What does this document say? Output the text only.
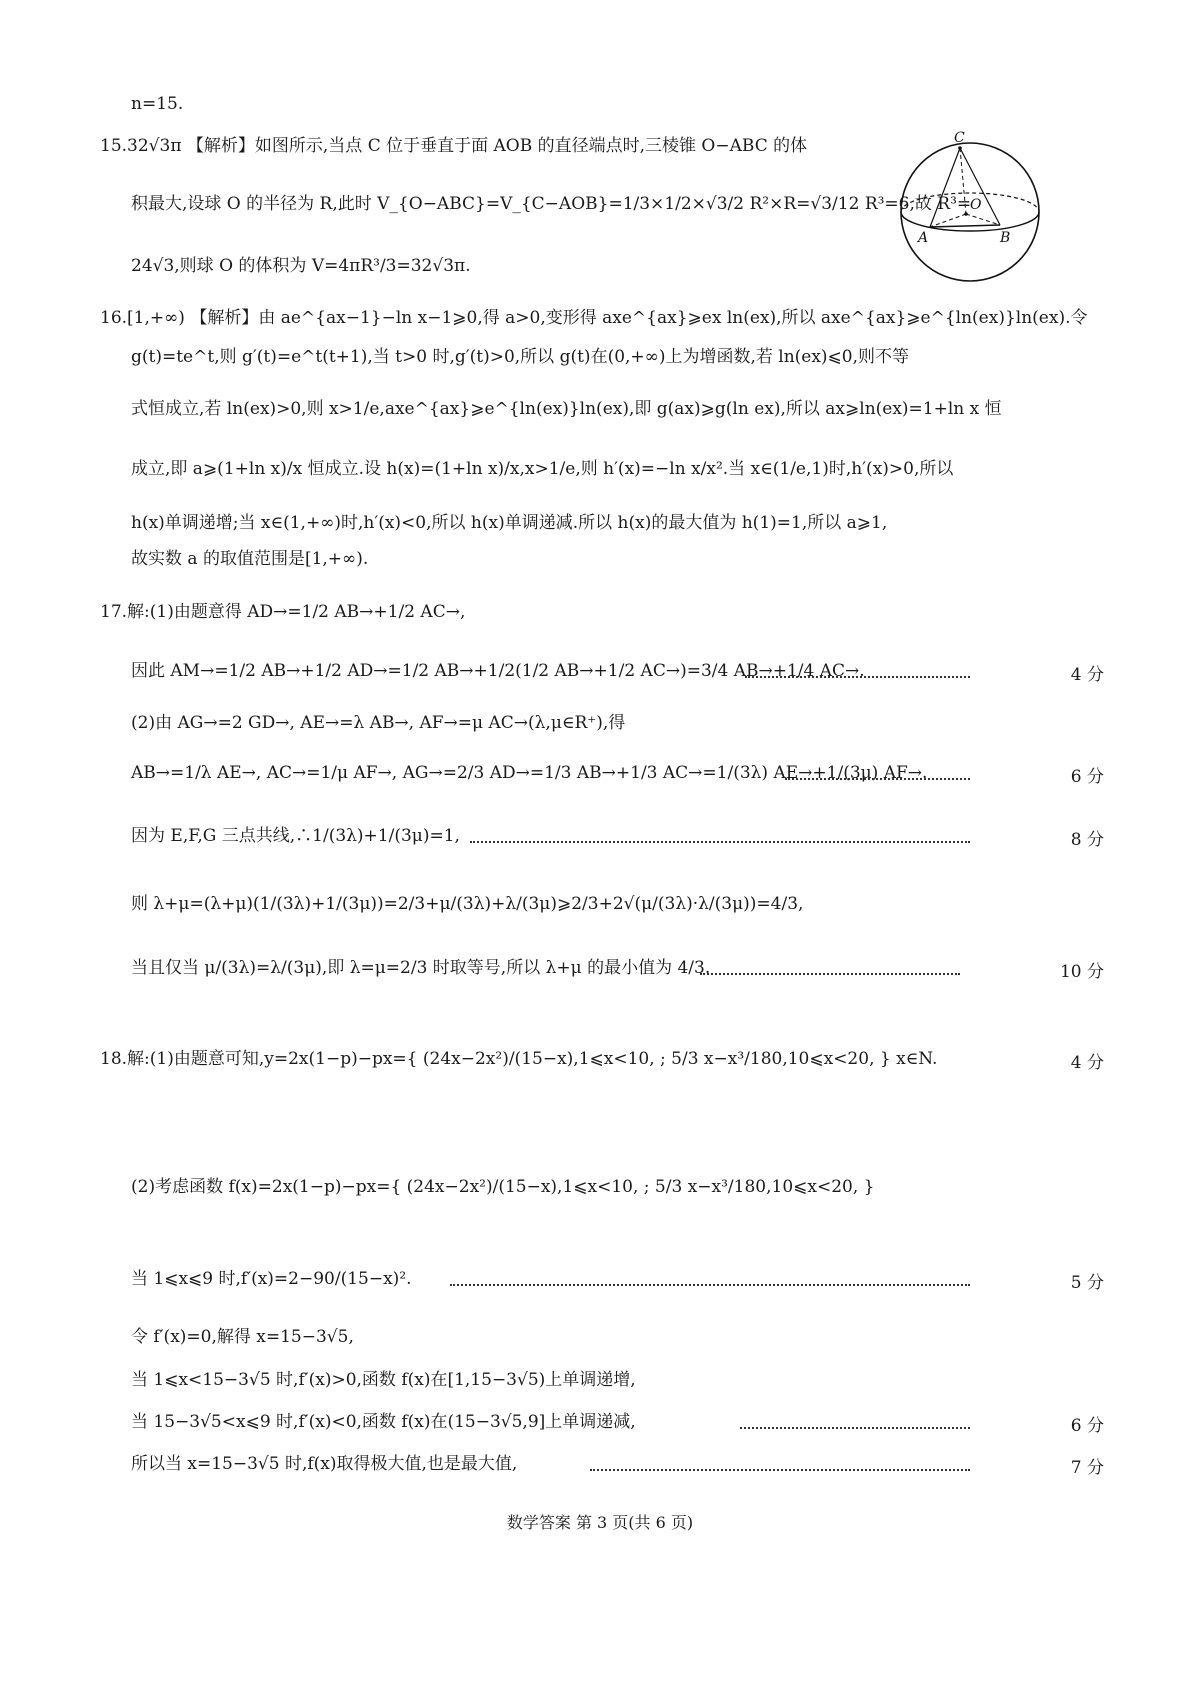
C
O
A	B
n=15.
15.32√3π 【解析】如图所示,当点 C 位于垂直于面 AOB 的直径端点时,三棱锥 O−ABC 的体
积最大,设球 O 的半径为 R,此时 V_{O−ABC}=V_{C−AOB}=1/3×1/2×√3/2 R²×R=√3/12 R³=6,故 R³=
24√3,则球 O 的体积为 V=4πR³/3=32√3π.
16.[1,+∞) 【解析】由 ae^{ax−1}−ln x−1⩾0,得 a>0,变形得 axe^{ax}⩾ex ln(ex),所以 axe^{ax}⩾e^{ln(ex)}ln(ex).令
g(t)=te^t,则 g′(t)=e^t(t+1),当 t>0 时,g′(t)>0,所以 g(t)在(0,+∞)上为增函数,若 ln(ex)⩽0,则不等
式恒成立,若 ln(ex)>0,则 x>1/e,axe^{ax}⩾e^{ln(ex)}ln(ex),即 g(ax)⩾g(ln ex),所以 ax⩾ln(ex)=1+ln x 恒
成立,即 a⩾(1+ln x)/x 恒成立.设 h(x)=(1+ln x)/x,x>1/e,则 h′(x)=−ln x/x².当 x∈(1/e,1)时,h′(x)>0,所以
h(x)单调递增;当 x∈(1,+∞)时,h′(x)<0,所以 h(x)单调递减.所以 h(x)的最大值为 h(1)=1,所以 a⩾1,
故实数 a 的取值范围是[1,+∞).
17.解:(1)由题意得 AD→=1/2 AB→+1/2 AC→,
因此 AM→=1/2 AB→+1/2 AD→=1/2 AB→+1/2(1/2 AB→+1/2 AC→)=3/4 AB→+1/4 AC→.	4 分
(2)由 AG→=2 GD→, AE→=λ AB→, AF→=μ AC→(λ,μ∈R⁺),得
AB→=1/λ AE→, AC→=1/μ AF→, AG→=2/3 AD→=1/3 AB→+1/3 AC→=1/(3λ) AE→+1/(3μ) AF→.	6 分
因为 E,F,G 三点共线,∴1/(3λ)+1/(3μ)=1,	8 分
则 λ+μ=(λ+μ)(1/(3λ)+1/(3μ))=2/3+μ/(3λ)+λ/(3μ)⩾2/3+2√(μ/(3λ)·λ/(3μ))=4/3,
当且仅当 μ/(3λ)=λ/(3μ),即 λ=μ=2/3 时取等号,所以 λ+μ 的最小值为 4/3.	10 分
18.解:(1)由题意可知,y=2x(1−p)−px={ (24x−2x²)/(15−x),1⩽x<10, ; 5/3 x−x³/180,10⩽x<20, } x∈N.	4 分
(2)考虑函数 f(x)=2x(1−p)−px={ (24x−2x²)/(15−x),1⩽x<10, ; 5/3 x−x³/180,10⩽x<20, }
当 1⩽x⩽9 时,f′(x)=2−90/(15−x)².	5 分
令 f′(x)=0,解得 x=15−3√5,
当 1⩽x<15−3√5 时,f′(x)>0,函数 f(x)在[1,15−3√5)上单调递增,
当 15−3√5<x⩽9 时,f′(x)<0,函数 f(x)在(15−3√5,9]上单调递减,	6 分
所以当 x=15−3√5 时,f(x)取得极大值,也是最大值,	7 分
数学答案 第 3 页(共 6 页)
